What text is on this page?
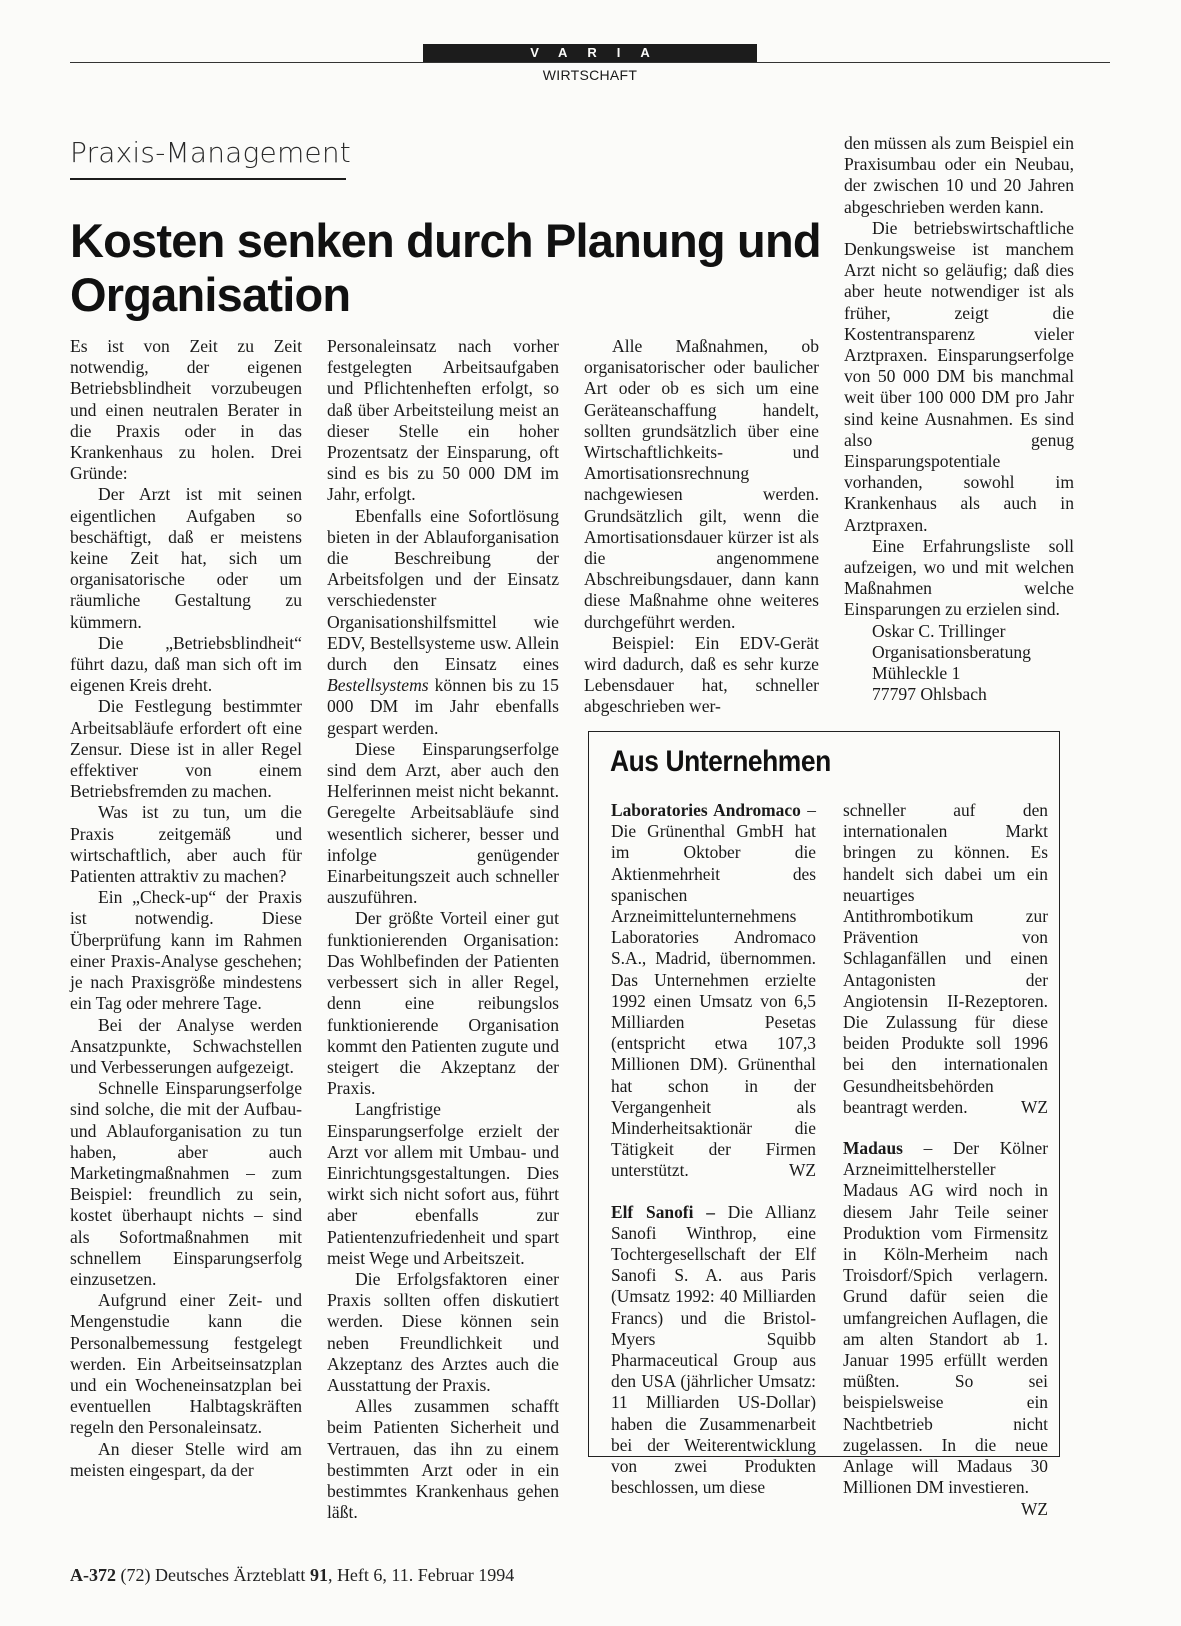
VARIA
WIRTSCHAFT
Praxis-Management
Kosten senken durch Planung und Organisation

Es ist von Zeit zu Zeit notwendig, der eigenen Betriebsblindheit vorzubeugen und einen neutralen Berater in die Praxis oder in das Krankenhaus zu holen. Drei Gründe:

Der Arzt ist mit seinen eigentlichen Aufgaben so beschäftigt, daß er meistens keine Zeit hat, sich um organisatorische oder um räumliche Gestaltung zu kümmern.

Die „Betriebsblindheit“ führt dazu, daß man sich oft im eigenen Kreis dreht.

Die Festlegung bestimmter Arbeitsabläufe erfordert oft eine Zensur. Diese ist in aller Regel effektiver von einem Betriebsfremden zu machen.

Was ist zu tun, um die Praxis zeitgemäß und wirtschaftlich, aber auch für Patienten attraktiv zu machen?

Ein „Check-up“ der Praxis ist notwendig. Diese Überprüfung kann im Rahmen einer Praxis-Analyse geschehen; je nach Praxisgröße mindestens ein Tag oder mehrere Tage.

Bei der Analyse werden Ansatzpunkte, Schwachstellen und Verbesserungen aufgezeigt.

Schnelle Einsparungserfolge sind solche, die mit der Aufbau- und Ablauforganisation zu tun haben, aber auch Marketingmaßnahmen – zum Beispiel: freundlich zu sein, kostet überhaupt nichts – sind als Sofortmaßnahmen mit schnellem Einsparungserfolg einzusetzen.

Aufgrund einer Zeit- und Mengenstudie kann die Personalbemessung festgelegt werden. Ein Arbeitseinsatzplan und ein Wocheneinsatzplan bei eventuellen Halbtagskräften regeln den Personaleinsatz.

An dieser Stelle wird am meisten eingespart, da der

Personaleinsatz nach vorher festgelegten Arbeitsaufgaben und Pflichtenheften erfolgt, so daß über Arbeitsteilung meist an dieser Stelle ein hoher Prozentsatz der Einsparung, oft sind es bis zu 50 000 DM im Jahr, erfolgt.

Ebenfalls eine Sofortlösung bieten in der Ablauforganisation die Beschreibung der Arbeitsfolgen und der Einsatz verschiedenster Organisationshilfsmittel wie EDV, Bestellsysteme usw. Allein durch den Einsatz eines Bestellsystems können bis zu 15 000 DM im Jahr ebenfalls gespart werden.

Diese Einsparungserfolge sind dem Arzt, aber auch den Helferinnen meist nicht bekannt. Geregelte Arbeitsabläufe sind wesentlich sicherer, besser und infolge genügender Einarbeitungszeit auch schneller auszuführen.

Der größte Vorteil einer gut funktionierenden Organisation: Das Wohlbefinden der Patienten verbessert sich in aller Regel, denn eine reibungslos funktionierende Organisation kommt den Patienten zugute und steigert die Akzeptanz der Praxis.

Langfristige Einsparungserfolge erzielt der Arzt vor allem mit Umbau- und Einrichtungsgestaltungen. Dies wirkt sich nicht sofort aus, führt aber ebenfalls zur Patientenzufriedenheit und spart meist Wege und Arbeitszeit.

Die Erfolgsfaktoren einer Praxis sollten offen diskutiert werden. Diese können sein neben Freundlichkeit und Akzeptanz des Arztes auch die Ausstattung der Praxis.

Alles zusammen schafft beim Patienten Sicherheit und Vertrauen, das ihn zu einem bestimmten Arzt oder in ein bestimmtes Krankenhaus gehen läßt.

Alle Maßnahmen, ob organisatorischer oder baulicher Art oder ob es sich um eine Geräteanschaffung handelt, sollten grundsätzlich über eine Wirtschaftlichkeits- und Amortisationsrechnung nachgewiesen werden. Grundsätzlich gilt, wenn die Amortisationsdauer kürzer ist als die angenommene Abschreibungsdauer, dann kann diese Maßnahme ohne weiteres durchgeführt werden.

Beispiel: Ein EDV-Gerät wird dadurch, daß es sehr kurze Lebensdauer hat, schneller abgeschrieben wer-

den müssen als zum Beispiel ein Praxisumbau oder ein Neubau, der zwischen 10 und 20 Jahren abgeschrieben werden kann.

Die betriebswirtschaftliche Denkungsweise ist manchem Arzt nicht so geläufig; daß dies aber heute notwendiger ist als früher, zeigt die Kostentransparenz vieler Arztpraxen. Einsparungserfolge von 50 000 DM bis manchmal weit über 100 000 DM pro Jahr sind keine Ausnahmen. Es sind also genug Einsparungspotentiale vorhanden, sowohl im Krankenhaus als auch in Arztpraxen.

Eine Erfahrungsliste soll aufzeigen, wo und mit welchen Maßnahmen welche Einsparungen zu erzielen sind.

Oskar C. Trillinger

Organisationsberatung

Mühleckle 1

77797 Ohlsbach

Aus Unternehmen

Laboratories Andromaco – Die Grünenthal GmbH hat im Oktober die Aktienmehrheit des spanischen Arzneimittelunternehmens Laboratories Andromaco S.A., Madrid, übernommen. Das Unternehmen erzielte 1992 einen Umsatz von 6,5 Milliarden Pesetas (entspricht etwa 107,3 Millionen DM). Grünenthal hat schon in der Vergangenheit als Minderheitsaktionär die Tätigkeit der Firmen unterstützt.	WZ

Elf Sanofi – Die Allianz Sanofi Winthrop, eine Tochtergesellschaft der Elf Sanofi S. A. aus Paris (Umsatz 1992: 40 Milliarden Francs) und die Bristol-Myers Squibb Pharmaceutical Group aus den USA (jährlicher Umsatz: 11 Milliarden US-Dollar) haben die Zusammenarbeit bei der Weiterentwicklung von zwei Produkten beschlossen, um diese

schneller auf den internationalen Markt bringen zu können. Es handelt sich dabei um ein neuartiges Antithrombotikum zur Prävention von Schlaganfällen und einen Antagonisten der Angiotensin II-Rezeptoren. Die Zulassung für diese beiden Produkte soll 1996 bei den internationalen Gesundheitsbehörden beantragt werden.	WZ

Madaus – Der Kölner Arzneimittelhersteller Madaus AG wird noch in diesem Jahr Teile seiner Produktion vom Firmensitz in Köln-Merheim nach Troisdorf/Spich verlagern. Grund dafür seien die umfangreichen Auflagen, die am alten Standort ab 1. Januar 1995 erfüllt werden müßten. So sei beispielsweise ein Nachtbetrieb nicht zugelassen. In die neue Anlage will Madaus 30 Millionen DM investieren.
WZ

A-372 (72) Deutsches Ärzteblatt 91, Heft 6, 11. Februar 1994
